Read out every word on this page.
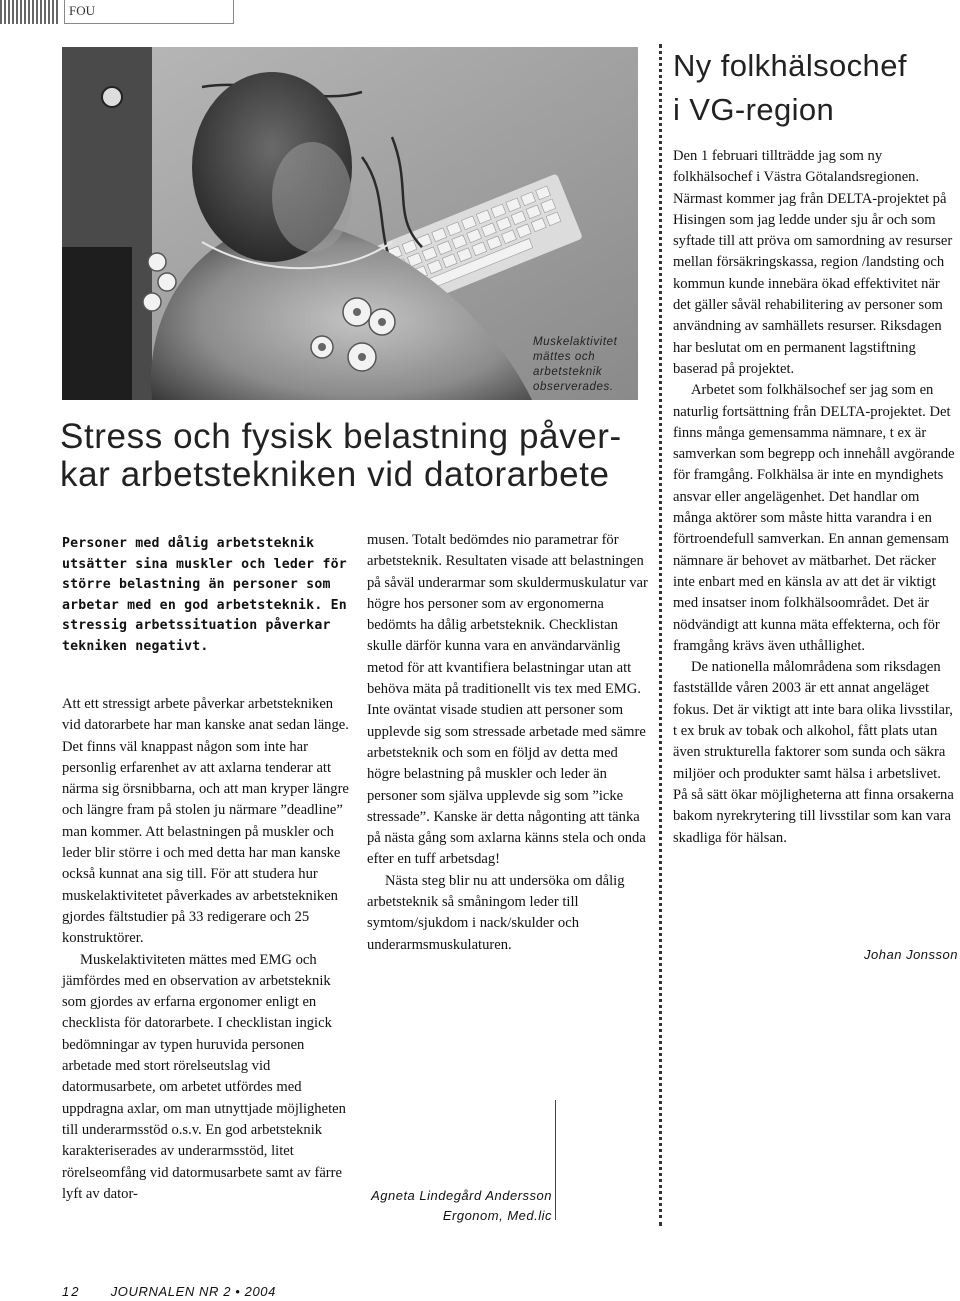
FOU
Muskelaktivitet mättes och arbetsteknik observerades.
Stress och fysisk belastning påver-
kar arbetstekniken vid datorarbete

Personer med dålig arbetsteknik utsätter sina muskler och leder för större belastning än personer som arbetar med en god arbetsteknik. En stressig arbetssituation påverkar tekniken negativt.

Att ett stressigt arbete påverkar arbetstekniken vid datorarbete har man kanske anat sedan länge. Det finns väl knappast någon som inte har personlig erfarenhet av att axlarna tenderar att närma sig örsnibbarna, och att man kryper längre och längre fram på stolen ju närmare ”deadline” man kommer. Att belastningen på muskler och leder blir större i och med detta har man kanske också kunnat ana sig till. För att studera hur muskelaktivitetet påverkades av arbetstekniken gjordes fältstudier på 33 redigerare och 25 konstruktörer.

Muskelaktiviteten mättes med EMG och jämfördes med en observation av arbetsteknik som gjordes av erfarna ergonomer enligt en checklista för datorarbete. I checklistan ingick bedömningar av typen huruvida personen arbetade med stort rörelseutslag vid datormusarbete, om arbetet utfördes med uppdragna axlar, om man utnyttjade möjligheten till underarmsstöd o.s.v. En god arbetsteknik karakteriserades av underarmsstöd, litet rörelseomfång vid datormusarbete samt av färre lyft av dator-

musen. Totalt bedömdes nio parametrar för arbetsteknik. Resultaten visade att belastningen på såväl underarmar som skuldermuskulatur var högre hos personer som av ergonomerna bedömts ha dålig arbetsteknik. Checklistan skulle därför kunna vara en användarvänlig metod för att kvantifiera belastningar utan att behöva mäta på traditionellt vis tex med EMG. Inte oväntat visade studien att personer som upplevde sig som stressade arbetade med sämre arbetsteknik och som en följd av detta med högre belastning på muskler och leder än personer som själva upplevde sig som ”icke stressade”. Kanske är detta någonting att tänka på nästa gång som axlarna känns stela och onda efter en tuff arbetsdag!

Nästa steg blir nu att undersöka om dålig arbetsteknik så småningom leder till symtom/sjukdom i nack/skulder och underarmsmuskulaturen.

Agneta Lindegård Andersson
Ergonom, Med.lic
Ny folkhälsochef
i VG-region

Den 1 februari tillträdde jag som ny folkhälsochef i Västra Götalandsregionen. Närmast kommer jag från DELTA-projektet på Hisingen som jag ledde under sju år och som syftade till att pröva om samordning av resurser mellan försäkringskassa, region /landsting och kommun kunde innebära ökad effektivitet när det gäller såväl rehabilitering av personer som användning av samhällets resurser. Riksdagen har beslutat om en permanent lagstiftning baserad på projektet.

Arbetet som folkhälsochef ser jag som en naturlig fortsättning från DELTA-projektet. Det finns många gemensamma nämnare, t ex är samverkan som begrepp och innehåll avgörande för framgång. Folkhälsa är inte en myndighets ansvar eller angelägenhet. Det handlar om många aktörer som måste hitta varandra i en förtroendefull samverkan. En annan gemensam nämnare är behovet av mätbarhet. Det räcker inte enbart med en känsla av att det är viktigt med insatser inom folkhälsoområdet. Det är nödvändigt att kunna mäta effekterna, och för framgång krävs även uthållighet.

De nationella målområdena som riksdagen fastställde våren 2003 är ett annat angeläget fokus. Det är viktigt att inte bara olika livsstilar, t ex bruk av tobak och alkohol, fått plats utan även strukturella faktorer som sunda och säkra miljöer och produkter samt hälsa i arbetslivet. På så sätt ökar möjligheterna att finna orsakerna bakom nyrekrytering till livsstilar som kan vara skadliga för hälsan.

Johan Jonsson
12 JOURNALEN NR 2 • 2004
